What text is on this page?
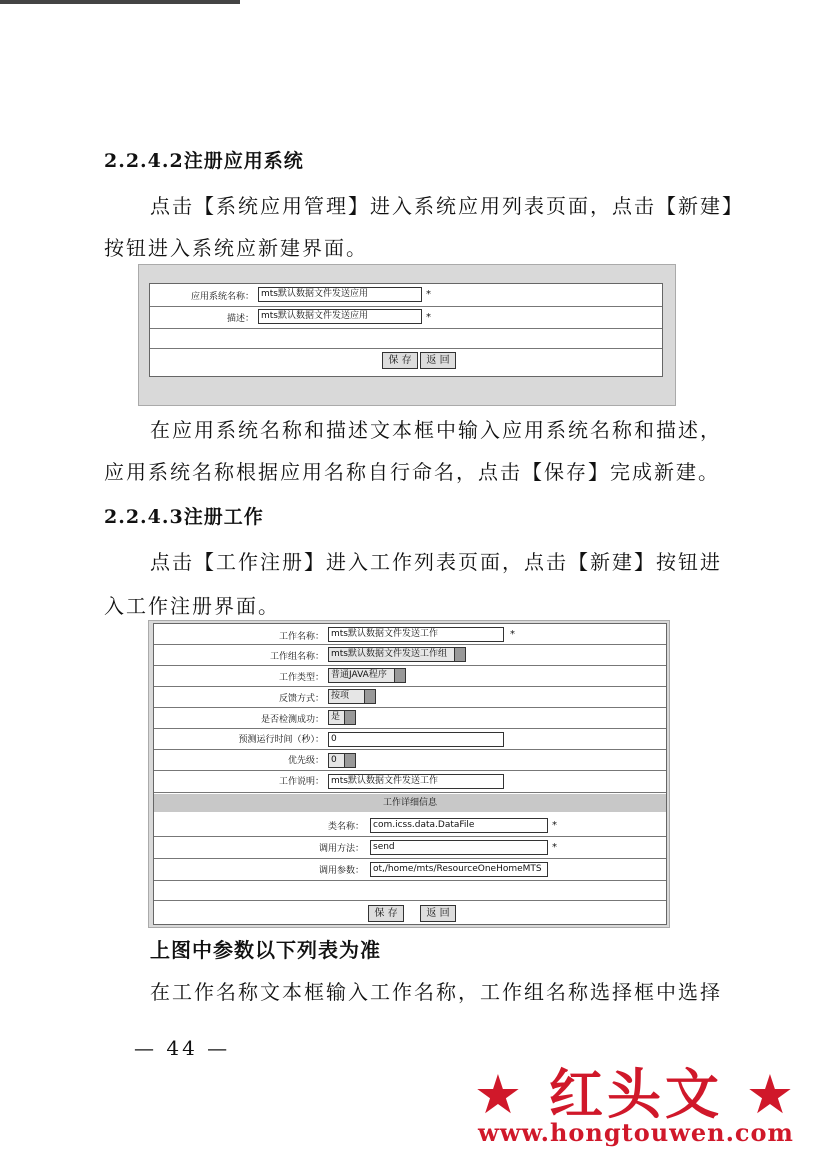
2.2.4.2注册应用系统
点击【系统应用管理】进入系统应用列表页面，点击【新建】
按钮进入系统应新建界面。
应用系统名称： mts默认数据文件发送应用	*
描述： mts默认数据文件发送应用	*
保 存	返 回
在应用系统名称和描述文本框中输入应用系统名称和描述，
应用系统名称根据应用名称自行命名，点击【保存】完成新建。
2.2.4.3注册工作
点击【工作注册】进入工作列表页面，点击【新建】按钮进
入工作注册界面。
工作名称： mts默认数据文件发送工作	*
工作组名称： mts默认数据文件发送工作组
工作类型： 普通JAVA程序
反馈方式： 按项
是否检测成功： 是
预测运行时间（秒）： 0
优先级： 0
工作说明： mts默认数据文件发送工作
工作详细信息
类名称：	com.icss.data.DataFile	*
调用方法：	send	*
调用参数：	ot,/home/mts/ResourceOneHomeMTS
保 存	返 回
上图中参数以下列表为准
在工作名称文本框输入工作名称，工作组名称选择框中选择
— 44 —
★ 红头文 ★
www.hongtouwen.com
